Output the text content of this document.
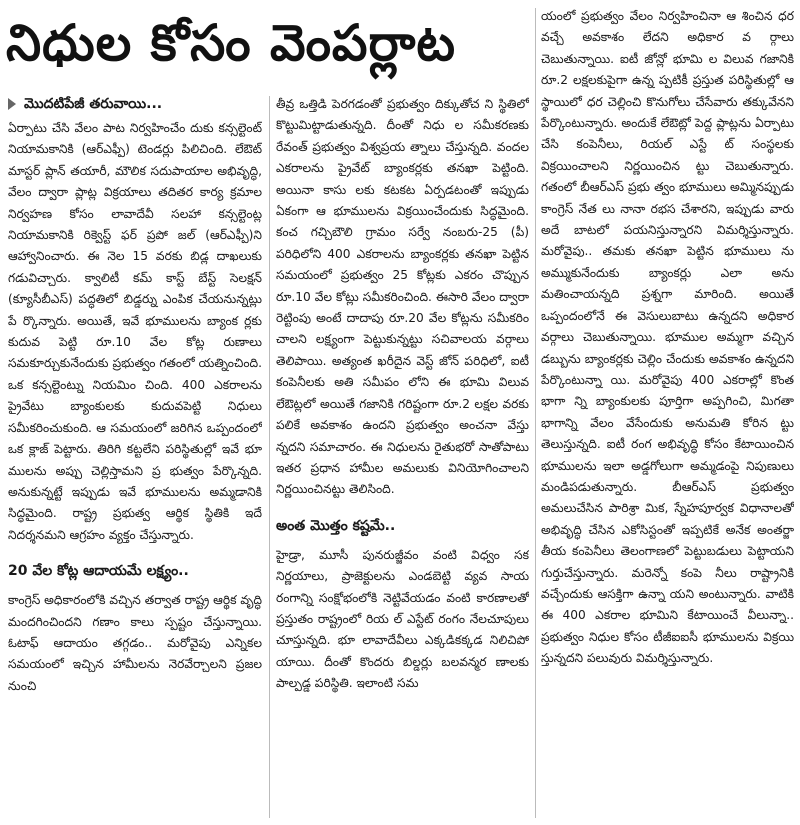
నిధుల కోసం వెంపర్లాట
మొదటిపేజీ తరువాయి...

ఏర్పాటు చేసి వేలం పాట నిర్వహించేం దుకు కన్సల్టెంట్ నియామకానికి (ఆర్ఎఫ్పీ) టెండర్లు పిలిచింది. లేఔట్ మాస్టర్ ప్లాన్ తయారీ, మౌలిక సదుపాయాల అభివృద్ధి, వేలం ద్వారా ప్లాట్ల విక్రయాలు తదితర కార్య క్రమాల నిర్వహణ కోసం లావాదేవీ సలహా కన్సల్టెంట్ల నియామకానికి రిక్వెస్ట్ ఫర్ ప్రపో జల్ (ఆర్ఎఫ్పీ)ని ఆహ్వానించారు. ఈ నెల 15 వరకు బిడ్ల దాఖలుకు గడువిచ్చారు. క్వాలిటీ కమ్ కాస్ట్ బేస్ట్ సెలక్షన్ (క్యూసీబీఎస్) పద్ధతిలో బిడ్డర్ను ఎంపిక చేయనున్నట్లు పే ర్కొన్నారు. అయితే, ఇవే భూములను బ్యాంక ర్లకు కుదువ పెట్టి రూ.10 వేల కోట్ల రుణాలు సమకూర్చుకునేందుకు ప్రభుత్వం గతంలో యత్నించింది. ఒక కన్సల్టెంట్ను నియమిం చింది. 400 ఎకరాలను ప్రైవేటు బ్యాంకులకు కుదువపెట్టి నిధులు సమీకరించుకుంది. ఆ సమయంలో జరిగిన ఒప్పందంలో ఒక క్లాజ్ పెట్టారు. తిరిగి కట్టలేని పరిస్థితుల్లో ఇవే భూ ములను అప్పు చెల్లిస్తామని ప్ర భుత్వం పేర్కొన్నది. అనుకున్నట్టే ఇప్పుడు ఇవే భూములను అమ్మడానికి సిద్ధమైంది. రాష్ట్ర ప్రభుత్వ ఆర్థిక స్థితికి ఇదే నిదర్శనమని ఆగ్రహం వ్యక్తం చేస్తున్నారు.

20 వేల కోట్ల ఆదాయమే లక్ష్యం..

కాంగ్రెస్ అధికారంలోకి వచ్చిన తర్వాత రాష్ట్ర ఆర్థిక వృద్ధి మందగించిందని గణాం కాలు స్పష్టం చేస్తున్నాయి. ఓటాఫ్ ఆదాయం తగ్గడం.. మరోవైపు ఎన్నికల సమయంలో ఇచ్చిన హామీలను నెరవేర్చాలని ప్రజల నుంచి

తీవ్ర ఒత్తిడి పెరగడంతో ప్రభుత్వం దిక్కుతోచ ని స్థితిలో కొట్టుమిట్టాడుతున్నది. దీంతో నిధు ల సమీకరణకు రేవంత్ ప్రభుత్వం విశ్వప్రయ త్నాలు చేస్తున్నది. వందల ఎకరాలను ప్రైవేట్ బ్యాంకర్లకు తనఖా పెట్టింది. అయినా కాసు లకు కటకట ఏర్పడటంతో ఇప్పుడు ఏకంగా ఆ భూములను విక్రయించేందుకు సిద్ధమైంది. కంచ గచ్చిబౌలి గ్రామం సర్వే నంబరు-25 (పీ) పరిధిలోని 400 ఎకరాలను బ్యాంకర్లకు తనఖా పెట్టిన సమయంలో ప్రభుత్వం 25 కోట్లకు ఎకరం చొప్పున రూ.10 వేల కోట్లు సమీకరించింది. ఈసారి వేలం ద్వారా రెట్టింపు అంటే దాదాపు రూ.20 వేల కోట్లను సమీకరిం చాలని లక్ష్యంగా పెట్టుకున్నట్టు సచివాలయ వర్గాలు తెలిపాయి. అత్యంత ఖరీదైన వెస్ట్ జోన్ పరిధిలో, ఐటీ కంపెనీలకు అతి సమీపం లోని ఈ భూమి విలువ లేఔట్లలో అయితే గజానికి గరిష్టంగా రూ.2 లక్షల వరకు పలికే అవకాశం ఉందని ప్రభుత్వం అంచనా వేస్తు న్నదని సమాచారం. ఈ నిధులను రైతుభరో సాతోపాటు ఇతర ప్రధాన హామీల అమలుకు వినియోగించాలని నిర్ణయించినట్టు తెలిసింది.

అంత మొత్తం కష్టమే..

హైడ్రా, మూసీ పునరుజ్జీవం వంటి విధ్వం సక నిర్ణయాలు, ప్రాజెక్టులను ఎండబెట్టి వ్యవ సాయ రంగాన్ని సంక్షోభంలోకి నెట్టివేయడం వంటి కారణాలతో ప్రస్తుతం రాష్ట్రంలో రియ ల్ ఎస్టేట్ రంగం నేలచూపులు చూస్తున్నది. భూ లావాదేవీలు ఎక్కడికక్కడ నిలిచిపో యాయి. దీంతో కొందరు బిల్డర్లు బలవన్మర ణాలకు పాల్పడ్డ పరిస్థితి. ఇలాంటి సమ

యంలో ప్రభుత్వం వేలం నిర్వహించినా ఆ శించిన ధర వచ్చే అవకాశం లేదని అధికార వ ర్గాలు చెబుతున్నాయి. ఐటీ జోన్లో భూమి ల విలువ గజానికి రూ.2 లక్షలకుపైగా ఉన్న ప్పటికీ ప్రస్తుత పరిస్థితుల్లో ఆ స్థాయిలో ధర చెల్లించి కొనుగోలు చేసేవారు తక్కువేనని పేర్కొంటున్నారు. అందుకే లేఔట్లో పెద్ద ప్లాట్లను ఏర్పాటు చేసి కంపెనీలు, రియల్ ఎస్టే ట్ సంస్థలకు విక్రయించాలని నిర్ణయించిన ట్టు చెబుతున్నారు. గతంలో బీఆర్ఎస్ ప్రభు త్వం భూములు అమ్మినప్పుడు కాంగ్రెస్ నేత లు నానా రభస చేశారని, ఇప్పుడు వారు అదే బాటలో పయనిస్తున్నారని విమర్శిస్తున్నారు. మరోవైపు.. తమకు తనఖా పెట్టిన భూములు ను అమ్ముకునేందుకు బ్యాంకర్లు ఎలా అను మతించాయన్నది ప్రశ్నగా మారింది. అయితే ఒప్పందంలోనే ఈ వెసులుబాటు ఉన్నదని అధికార వర్గాలు చెబుతున్నాయి. భూముల అమ్మగా వచ్చిన డబ్బును బ్యాంకర్లకు చెల్లిం చేందుకు అవకాశం ఉన్నదని పేర్కొంటున్నా యి. మరోవైపు 400 ఎకరాల్లో కొంత భాగా న్ని బ్యాంకులకు పూర్తిగా అప్పగించి, మిగతా భాగాన్ని వేలం వేసేందుకు అనుమతి కోరిన ట్టు తెలుస్తున్నది. ఐటీ రంగ అభివృద్ధి కోసం కేటాయించిన భూములను ఇలా అడ్డగోలుగా అమ్మడంపై నిపుణులు మండిపడుతున్నారు. బీఆర్ఎస్ ప్రభుత్వం అమలుచేసిన పారిశ్రా మిక, స్నేహపూర్వక విధానాలతో అభివృద్ధి చేసిన ఎకోసిస్టంతో ఇప్పటికే అనేక అంతర్జా తీయ కంపెనీలు తెలంగాణలో పెట్టుబడులు పెట్టాయని గుర్తుచేస్తున్నారు. మరెన్నో కంపె నీలు రాష్ట్రానికి వచ్చేందుకు ఆసక్తిగా ఉన్నా యని అంటున్నారు. వాటికి ఈ 400 ఎకరాల భూమిని కేటాయించే వీలున్నా.. ప్రభుత్వం నిధుల కోసం టీజీఐఐసీ భూములను విక్రయి స్తున్నదని పలువురు విమర్శిస్తున్నారు.
